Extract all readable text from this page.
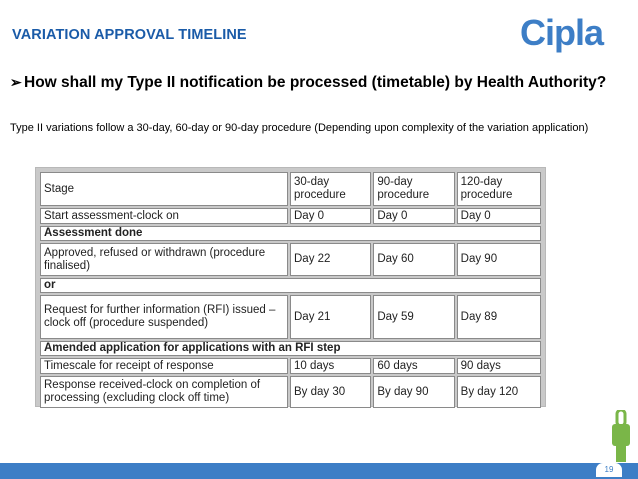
VARIATION APPROVAL TIMELINE	Cipla
➢ How shall my Type II notification be processed (timetable) by Health Authority?
Type II variations follow a 30-day, 60-day or 90-day procedure (Depending upon complexity of the variation application)
Stage	30-day procedure	90-day procedure	120-day procedure
Start assessment-clock on	Day 0	Day 0	Day 0
Assessment done			
Approved, refused or withdrawn (procedure finalised)	Day 22	Day 60	Day 90
or			
Request for further information (RFI) issued – clock off (procedure suspended)	Day 21	Day 59	Day 89
Amended application for applications with an RFI step			
Timescale for receipt of response	10 days	60 days	90 days
Response received-clock on completion of processing (excluding clock off time)	By day 30	By day 90	By day 120
19
